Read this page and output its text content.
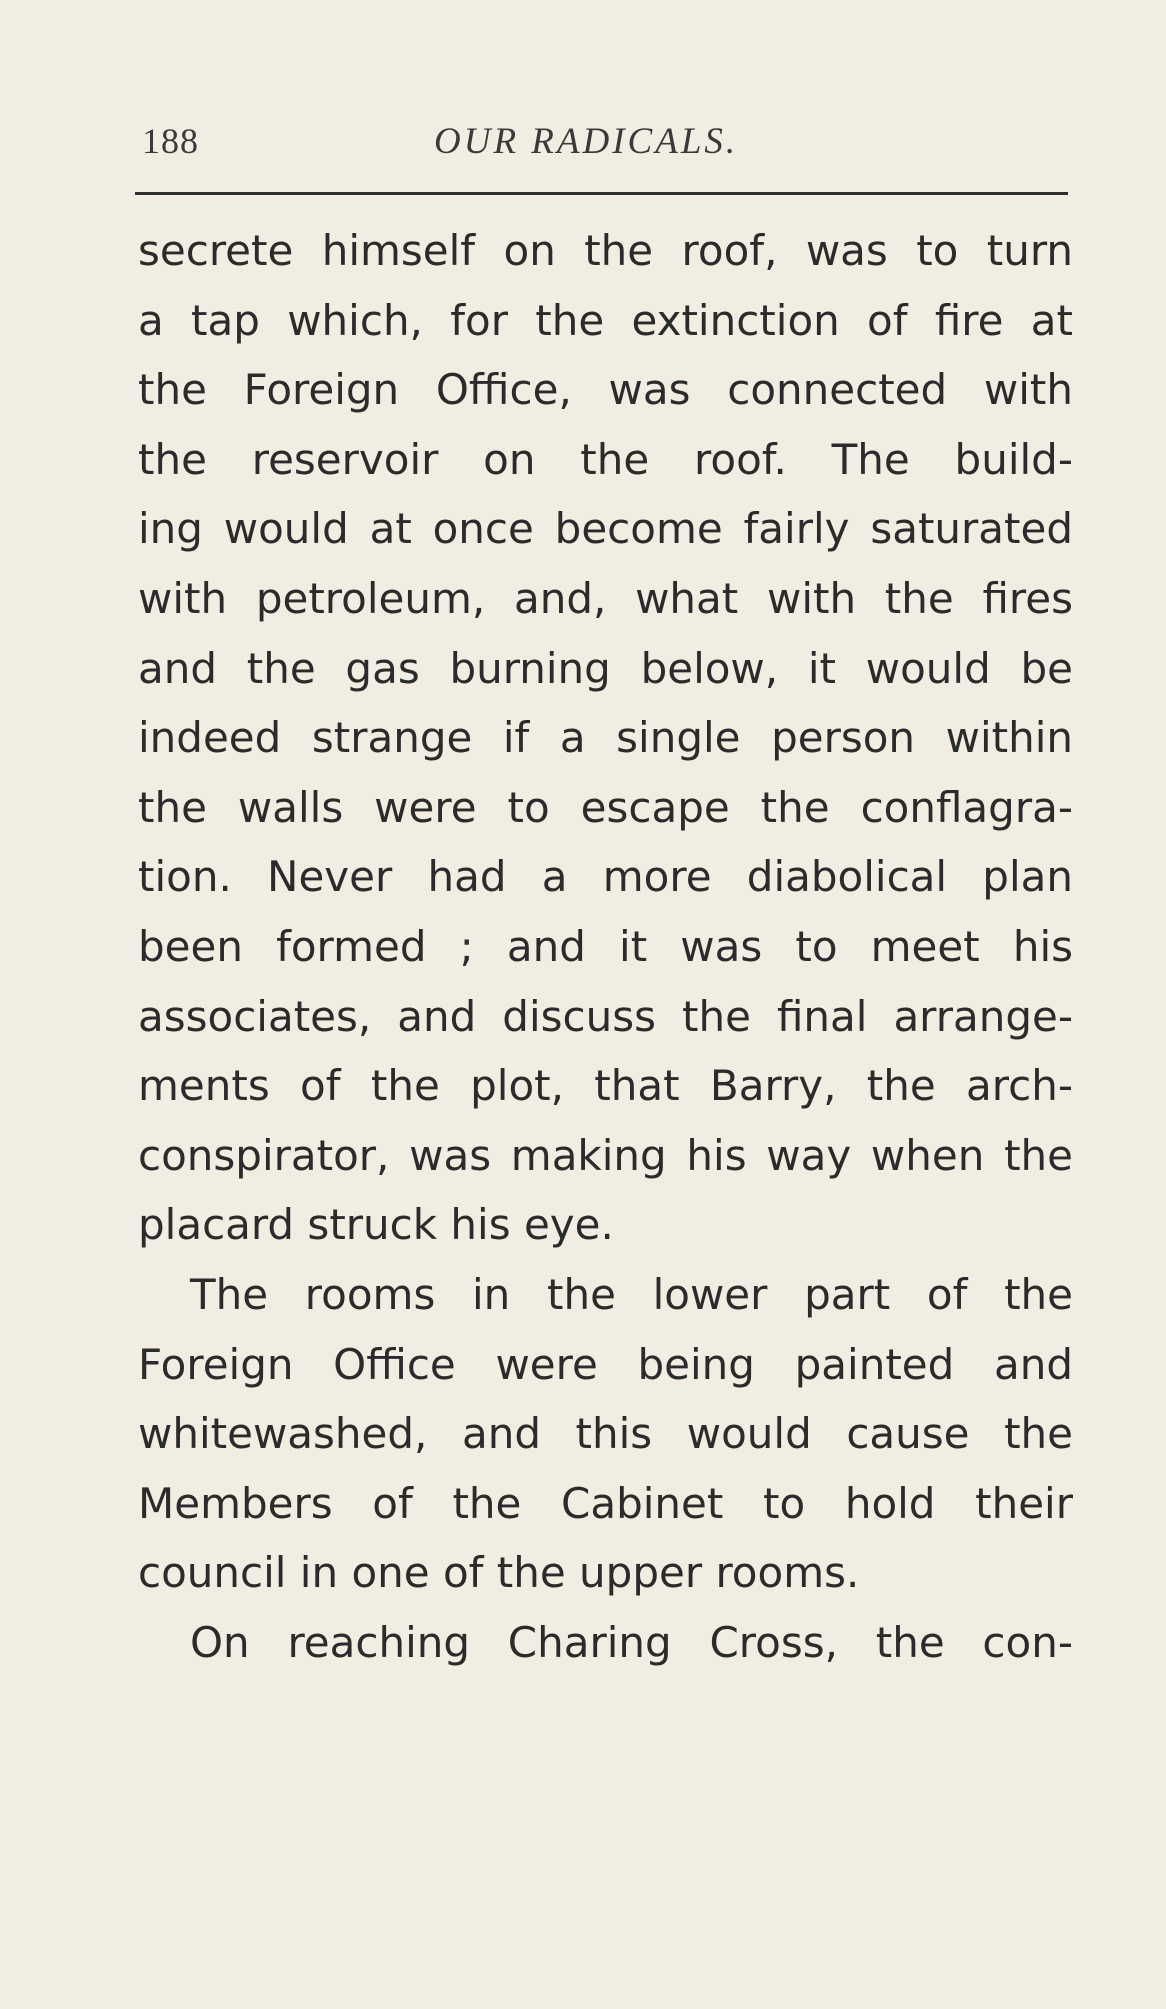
188	OUR RADICALS.
secrete himself on the roof, was to turn
a tap which, for the extinction of fire at
the Foreign Office, was connected with
the reservoir on the roof. The build-
ing would at once become fairly saturated
with petroleum, and, what with the fires
and the gas burning below, it would be
indeed strange if a single person within
the walls were to escape the conflagra-
tion. Never had a more diabolical plan
been formed ; and it was to meet his
associates, and discuss the final arrange-
ments of the plot, that Barry, the arch-
conspirator, was making his way when the
placard struck his eye.
The rooms in the lower part of the
Foreign Office were being painted and
whitewashed, and this would cause the
Members of the Cabinet to hold their
council in one of the upper rooms.
On reaching Charing Cross, the con-
